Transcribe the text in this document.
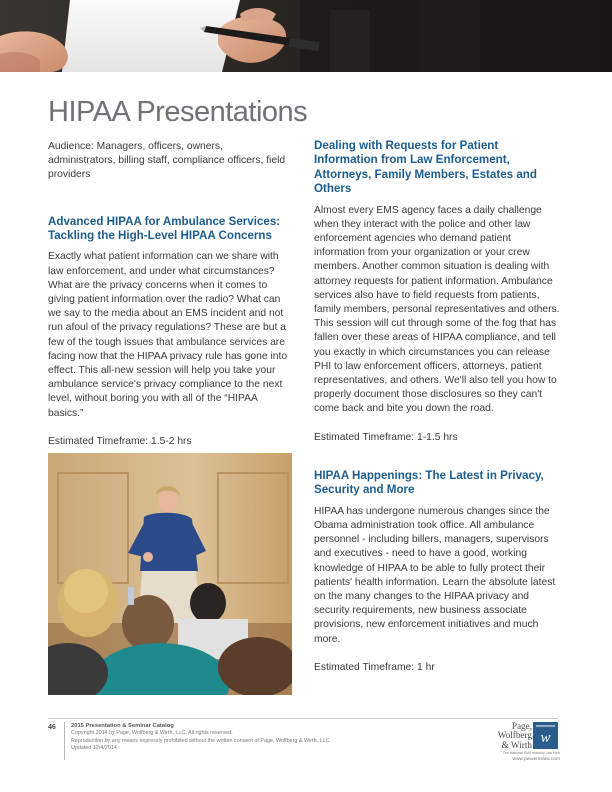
HIPAA Presentations

Audience: Managers, officers, owners, administrators, billing staff, compliance officers, field providers

Advanced HIPAA for Ambulance Services: Tackling the High-Level HIPAA Concerns

Exactly what patient information can we share with law enforcement, and under what circumstances? What are the privacy concerns when it comes to giving patient information over the radio? What can we say to the media about an EMS incident and not run afoul of the privacy regulations? These are but a few of the tough issues that ambulance services are facing now that the HIPAA privacy rule has gone into effect. This all-new session will help you take your ambulance service's privacy compliance to the next level, without boring you with all of the “HIPAA basics.”

Estimated Timeframe: 1.5-2 hrs

Dealing with Requests for Patient Information from Law Enforcement, Attorneys, Family Members, Estates and Others

Almost every EMS agency faces a daily challenge when they interact with the police and other law enforcement agencies who demand patient information from your organization or your crew members. Another common situation is dealing with attorney requests for patient information. Ambulance services also have to field requests from patients, family members, personal representatives and others. This session will cut through some of the fog that has fallen over these areas of HIPAA compliance, and tell you exactly in which circumstances you can release PHI to law enforcement officers, attorneys, patient representatives, and others. We'll also tell you how to properly document those disclosures so they can't come back and bite you down the road.

Estimated Timeframe: 1-1.5 hrs

HIPAA Happenings: The Latest in Privacy, Security and More

HIPAA has undergone numerous changes since the Obama administration took office. All ambulance personnel - including billers, managers, supervisors and executives - need to have a good, working knowledge of HIPAA to be able to fully protect their patients' health information. Learn the absolute latest on the many changes to the HIPAA privacy and security requirements, new business associate provisions, new enforcement initiatives and much more.

Estimated Timeframe: 1 hr

46	2015 Presentation & Seminar Catalog
Copyright 2014 by Page, Wolfberg & Wirth, LLC. All rights reserved.
Reproduction by any means expressly prohibited without the written consent of Page, Wolfberg & Wirth, LLC.
Updated 12/4/2014
Page,
Wolfberg
& Wirth w
The National EMS Industry Law Firm
www.pwwemslaw.com
